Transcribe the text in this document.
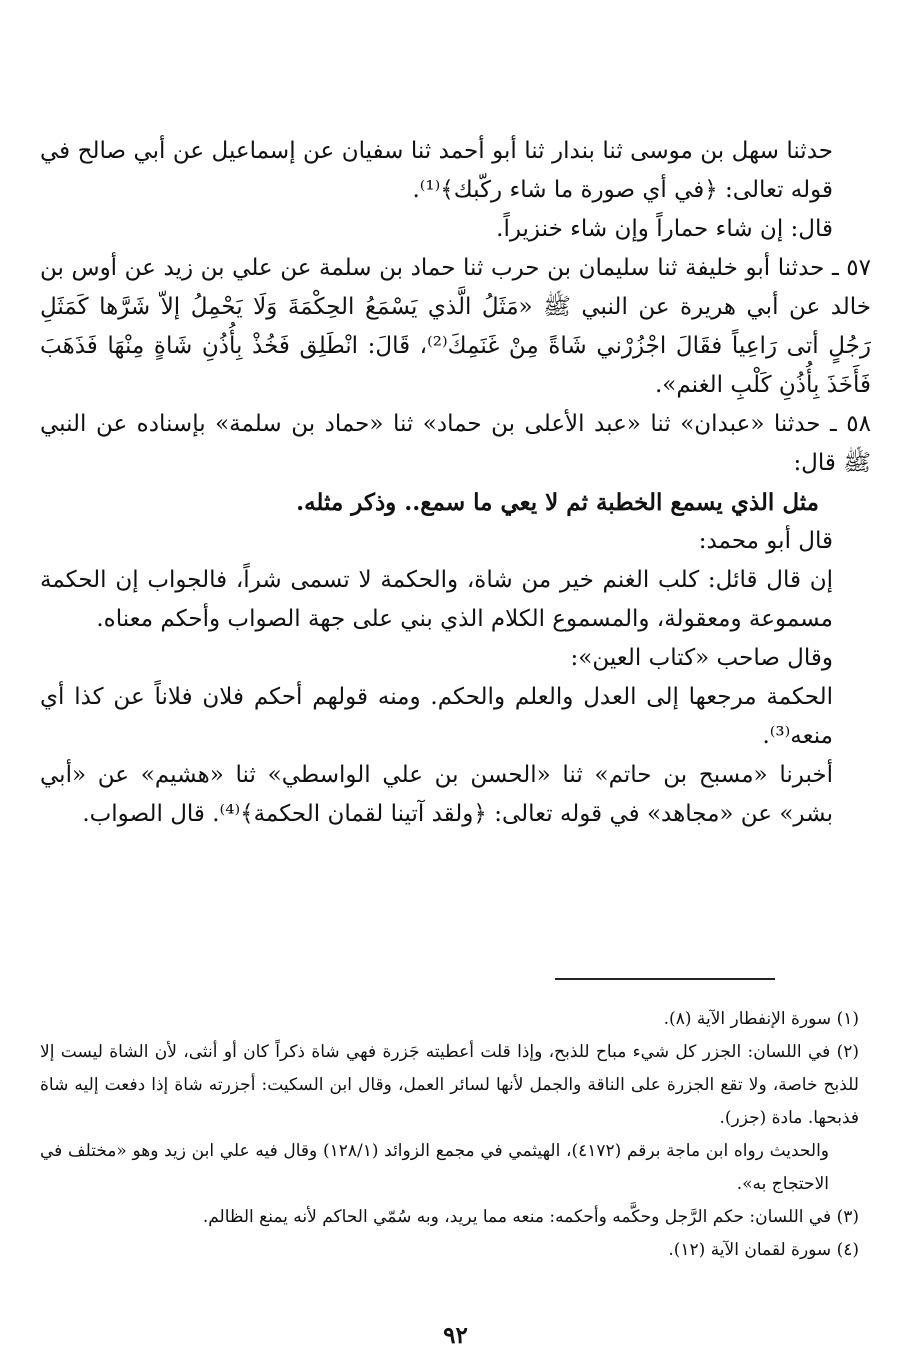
حدثنا سهل بن موسى ثنا بندار ثنا أبو أحمد ثنا سفيان عن إسماعيل عن أبي صالح في قوله تعالى: ﴿في أي صورة ما شاء ركّبك﴾⁽¹⁾.

قال: إن شاء حماراً وإن شاء خنزيراً.

٥٧ ـ حدثنا أبو خليفة ثنا سليمان بن حرب ثنا حماد بن سلمة عن علي بن زيد عن أوس بن خالد عن أبي هريرة عن النبي ﷺ «مَثَلُ الَّذي يَسْمَعُ الحِكْمَةَ وَلَا يَحْمِلُ إلاّ شَرَّها كَمَثَلِ رَجُلٍ أتى رَاعِياً فقَالَ اجْزُرْني شَاةً مِنْ غَنَمِكَ⁽²⁾، قَالَ: انْطَلِق فَخُذْ بِأُذُنِ شَاةٍ مِنْهَا فَذَهَبَ فَأَخَذَ بِأُذُنِ كَلْبِ الغنم».

٥٨ ـ حدثنا «عبدان» ثنا «عبد الأعلى بن حماد» ثنا «حماد بن سلمة» بإسناده عن النبي ﷺ قال:

مثل الذي يسمع الخطبة ثم لا يعي ما سمع.. وذكر مثله.

قال أبو محمد:

إن قال قائل: كلب الغنم خير من شاة، والحكمة لا تسمى شراً، فالجواب إن الحكمة مسموعة ومعقولة، والمسموع الكلام الذي بني على جهة الصواب وأحكم معناه.

وقال صاحب «كتاب العين»:

الحكمة مرجعها إلى العدل والعلم والحكم. ومنه قولهم أحكم فلان فلاناً عن كذا أي منعه⁽³⁾.

أخبرنا «مسبح بن حاتم» ثنا «الحسن بن علي الواسطي» ثنا «هشيم» عن «أبي بشر» عن «مجاهد» في قوله تعالى: ﴿ولقد آتينا لقمان الحكمة﴾⁽⁴⁾. قال الصواب.

(١) سورة الإنفطار الآية (٨).

(٢) في اللسان: الجزر كل شيء مباح للذبح، وإذا قلت أعطيته جَزرة فهي شاة ذكراً كان أو أنثى، لأن الشاة ليست إلا للذبح خاصة، ولا تقع الجزرة على الناقة والجمل لأنها لسائر العمل، وقال ابن السكيت: أجزرته شاة إذا دفعت إليه شاة فذبحها. مادة (جزر).

والحديث رواه ابن ماجة برقم (٤١٧٢)، الهيثمي في مجمع الزوائد (١٢٨/١) وقال فيه علي ابن زيد وهو «مختلف في الاحتجاج به».

(٣) في اللسان: حكم الرَّجل وحكَّمه وأحكمه: منعه مما يريد، وبه سُمّي الحاكم لأنه يمنع الظالم.

(٤) سورة لقمان الآية (١٢).

٩٢
